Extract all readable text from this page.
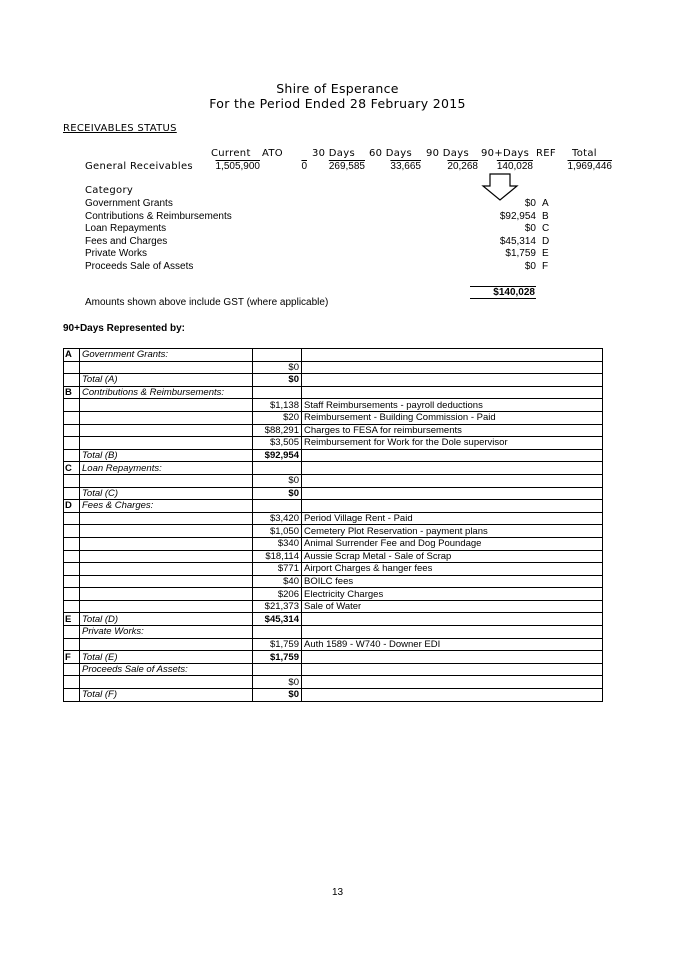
Shire of Esperance
For the Period Ended 28 February 2015
RECEIVABLES STATUS
Current ATO	30 Days 60 Days 90 Days 90+Days REF Total
General Receivables	1,505,900	0	269,585	33,665	20,268	140,028	1,969,446
Category
Government Grants	$0 A
Contributions & Reimbursements	$92,954 B
Loan Repayments	$0 C
Fees and Charges	$45,314 D
Private Works	$1,759 E
Proceeds Sale of Assets	$0 F
$140,028
Amounts shown above include GST (where applicable)
90+Days Represented by:
A	Government Grants:		
		$0	
	Total (A)	$0	
B	Contributions & Reimbursements:		
		$1,138	Staff Reimbursements - payroll deductions
		$20	Reimbursement - Building Commission - Paid
		$88,291	Charges to FESA for reimbursements
		$3,505	Reimbursement for Work for the Dole supervisor
	Total (B)	$92,954	
C	Loan Repayments:		
		$0	
	Total (C)	$0	
D	Fees & Charges:		
		$3,420	Period Village Rent - Paid
		$1,050	Cemetery Plot Reservation - payment plans
		$340	Animal Surrender Fee and Dog Poundage
		$18,114	Aussie Scrap Metal - Sale of Scrap
		$771	Airport Charges & hanger fees
		$40	BOILC fees
		$206	Electricity Charges
		$21,373	Sale of Water
E	Total (D)	$45,314	
	Private Works:		
		$1,759	Auth 1589 - W740 - Downer EDI
F	Total (E)	$1,759	
	Proceeds Sale of Assets:		
		$0	
	Total (F)	$0	
13
